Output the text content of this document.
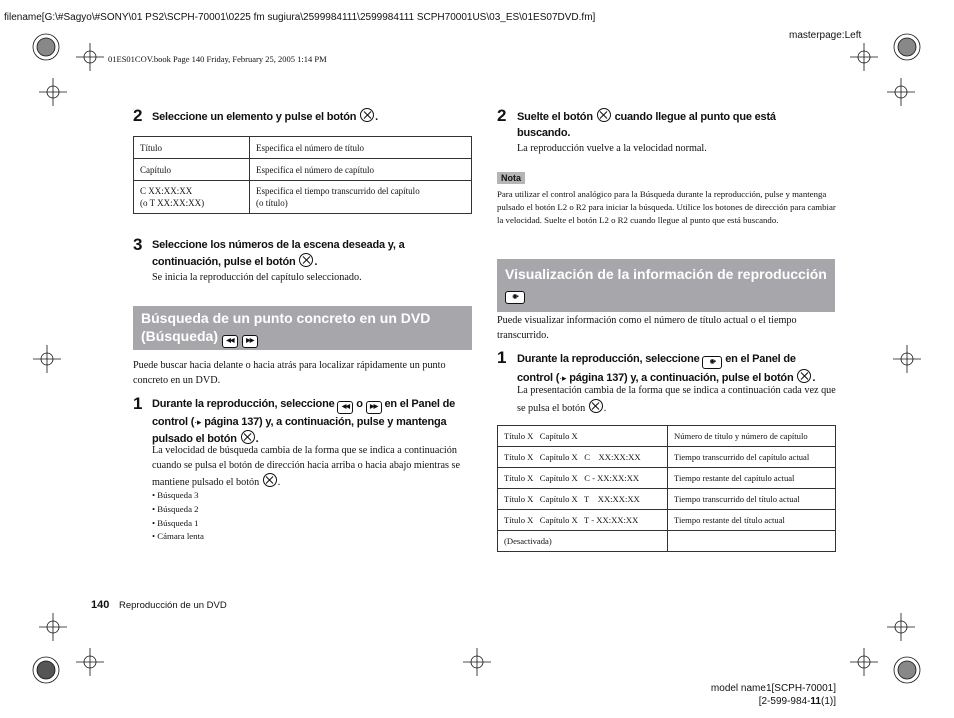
filename[G:\#Sagyo\#SONY\01 PS2\SCPH-70001\0225 fm sugiura\2599984111\2599984111 SCPH70001US\03_ES\01ES07DVD.fm]
masterpage:Left
01ES01COV.book Page 140 Friday, February 25, 2005 1:14 PM
2 Seleccione un elemento y pulse el botón .
Título	Especifica el número de título
Capítulo	Especifica el número de capítulo
C XX:XX:XX
(o T XX:XX:XX)	Especifica el tiempo transcurrido del capítulo
(o título)
3 Seleccione los números de la escena deseada y, a
continuación, pulse el botón .
Se inicia la reproducción del capítulo seleccionado.
Búsqueda de un punto concreto en un DVD
(Búsqueda) ◀◀ ▶▶
Puede buscar hacia delante o hacia atrás para localizar rápidamente un punto concreto en un DVD.
1 Durante la reproducción, seleccione ◀◀ o ▶▶ en el Panel de
control (·▸ página 137) y, a continuación, pulse y mantenga
pulsado el botón .
La velocidad de búsqueda cambia de la forma que se indica a continuación cuando se pulsa el botón de dirección hacia arriba o hacia abajo mientras se mantiene pulsado el botón .
• Búsqueda 3
• Búsqueda 2
• Búsqueda 1
• Cámara lenta
2 Suelte el botón cuando llegue al punto que está
buscando.
La reproducción vuelve a la velocidad normal.
Nota
Para utilizar el control analógico para la Búsqueda durante la reproducción, pulse y mantenga pulsado el botón L2 o R2 para iniciar la búsqueda. Utilice los botones de dirección para cambiar la velocidad. Suelte el botón L2 o R2 cuando llegue al punto que está buscando.
Visualización de la información de reproducción
◉▪
Puede visualizar información como el número de título actual o el tiempo transcurrido.
1 Durante la reproducción, seleccione ◉▪ en el Panel de
control (·▸ página 137) y, a continuación, pulse el botón .
La presentación cambia de la forma que se indica a continuación cada vez que se pulsa el botón .
Título X   Capítulo X	Número de título y número de capítulo
Título X   Capítulo X   C    XX:XX:XX	Tiempo transcurrido del capítulo actual
Título X   Capítulo X   C - XX:XX:XX	Tiempo restante del capítulo actual
Título X   Capítulo X   T    XX:XX:XX	Tiempo transcurrido del título actual
Título X   Capítulo X   T - XX:XX:XX	Tiempo restante del título actual
(Desactivada)	
140 Reproducción de un DVD
model name1[SCPH-70001]
[2-599-984-11(1)]
